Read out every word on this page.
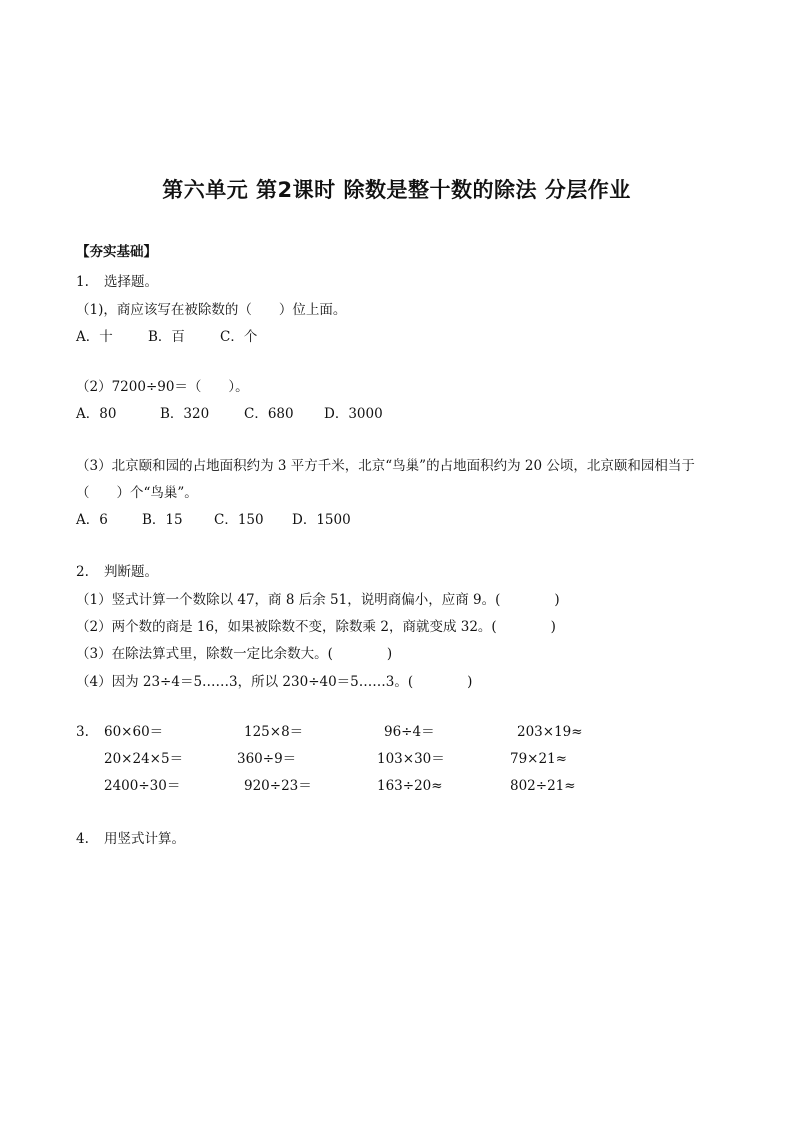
第六单元 第2课时 除数是整十数的除法 分层作业
【夯实基础】
1. 选择题。
（1)，商应该写在被除数的（　　）位上面。
A．十	B．百	C．个
（2）7200÷90＝（　　）。
A．80	B．320	C．680 D．3000
（3）北京颐和园的占地面积约为 3 平方千米，北京“鸟巢”的占地面积约为 20 公顷，北京颐和园相当于
（　　）个“鸟巢”。
A．6	B．15 C．150 D．1500
2. 判断题。
（1）竖式计算一个数除以 47，商 8 后余 51，说明商偏小，应商 9。(　　　　)
（2）两个数的商是 16，如果被除数不变，除数乘 2，商就变成 32。(　　　　)
（3）在除法算式里，除数一定比余数大。(　　　　)
（4）因为 23÷4＝5……3，所以 230÷40＝5……3。(　　　　)
3. 60×60＝	125×8＝	96÷4＝	203×19≈
20×24×5＝	360÷9＝	103×30＝	79×21≈
2400÷30＝	920÷23＝	163÷20≈	802÷21≈
4. 用竖式计算。
